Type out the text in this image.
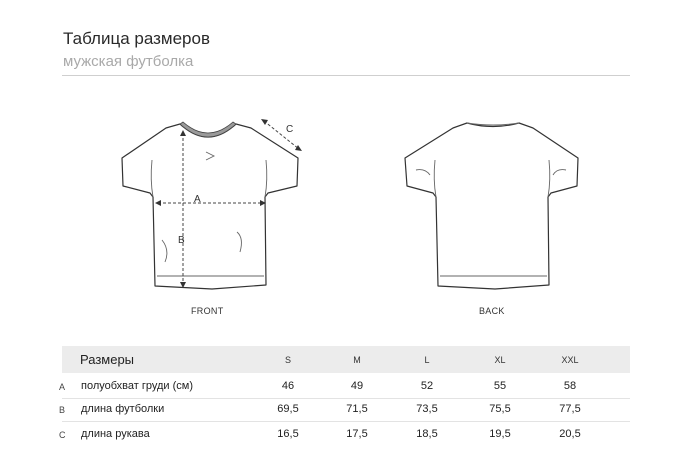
Таблица размеров
мужская футболка
A
B
C
FRONT	BACK
Размеры	S	M	L	XL	XXL
A полуобхват груди (см)	46	49	52	55	58
B длина футболки	69,5	71,5	73,5	75,5	77,5
C длина рукава	16,5	17,5	18,5	19,5	20,5
